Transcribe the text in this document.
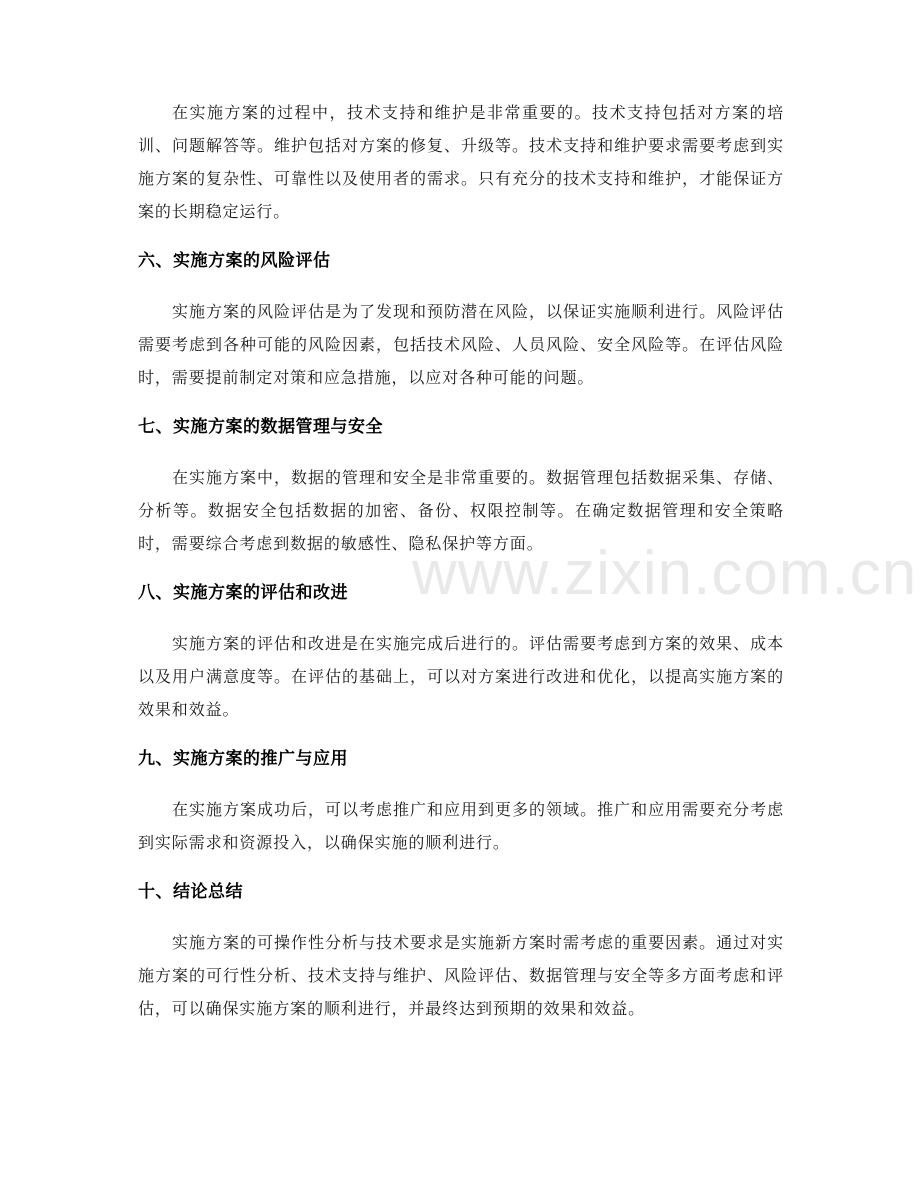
www.zixin.com.cn

在实施方案的过程中，技术支持和维护是非常重要的。技术支持包括对方案的培训、问题解答等。维护包括对方案的修复、升级等。技术支持和维护要求需要考虑到实施方案的复杂性、可靠性以及使用者的需求。只有充分的技术支持和维护，才能保证方案的长期稳定运行。

六、实施方案的风险评估

实施方案的风险评估是为了发现和预防潜在风险，以保证实施顺利进行。风险评估需要考虑到各种可能的风险因素，包括技术风险、人员风险、安全风险等。在评估风险时，需要提前制定对策和应急措施，以应对各种可能的问题。

七、实施方案的数据管理与安全

在实施方案中，数据的管理和安全是非常重要的。数据管理包括数据采集、存储、分析等。数据安全包括数据的加密、备份、权限控制等。在确定数据管理和安全策略时，需要综合考虑到数据的敏感性、隐私保护等方面。

八、实施方案的评估和改进

实施方案的评估和改进是在实施完成后进行的。评估需要考虑到方案的效果、成本以及用户满意度等。在评估的基础上，可以对方案进行改进和优化，以提高实施方案的效果和效益。

九、实施方案的推广与应用

在实施方案成功后，可以考虑推广和应用到更多的领域。推广和应用需要充分考虑到实际需求和资源投入，以确保实施的顺利进行。

十、结论总结

实施方案的可操作性分析与技术要求是实施新方案时需考虑的重要因素。通过对实施方案的可行性分析、技术支持与维护、风险评估、数据管理与安全等多方面考虑和评估，可以确保实施方案的顺利进行，并最终达到预期的效果和效益。
